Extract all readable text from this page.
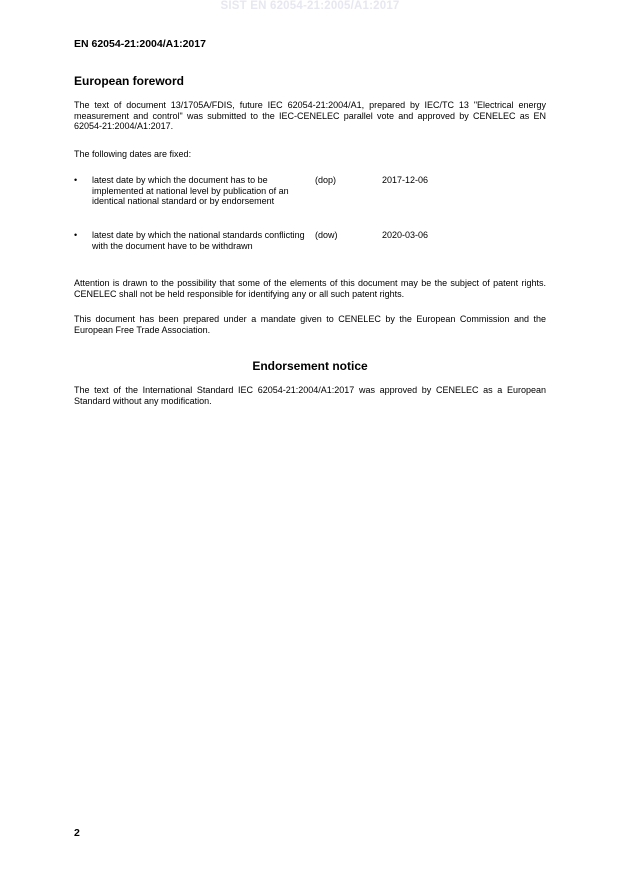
SIST EN 62054-21:2005/A1:2017
EN 62054-21:2004/A1:2017
European foreword
The text of document 13/1705A/FDIS, future IEC 62054-21:2004/A1, prepared by IEC/TC 13 "Electrical energy measurement and control" was submitted to the IEC-CENELEC parallel vote and approved by CENELEC as EN 62054-21:2004/A1:2017.
The following dates are fixed:
• latest date by which the document has to be implemented at national level by publication of an identical national standard or by endorsement
(dop)	2017-12-06
• latest date by which the national standards conflicting with the document have to be withdrawn
(dow)	2020-03-06
Attention is drawn to the possibility that some of the elements of this document may be the subject of patent rights. CENELEC shall not be held responsible for identifying any or all such patent rights.
This document has been prepared under a mandate given to CENELEC by the European Commission and the European Free Trade Association.
Endorsement notice
The text of the International Standard IEC 62054-21:2004/A1:2017 was approved by CENELEC as a European Standard without any modification.
2
